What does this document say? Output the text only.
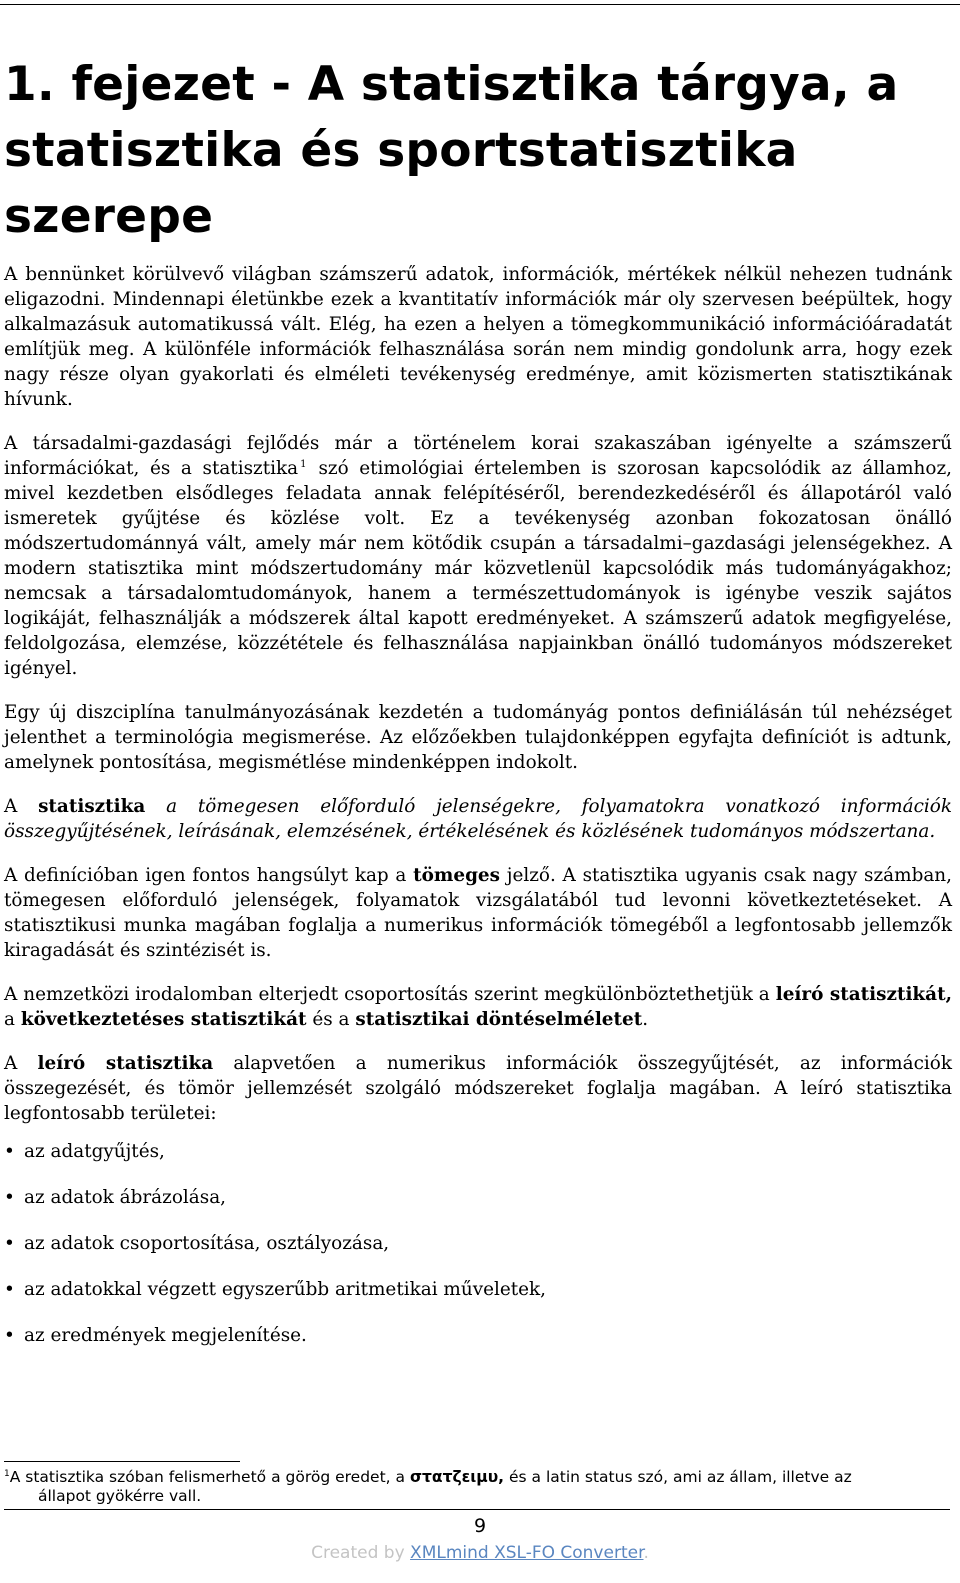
1. fejezet - A statisztika tárgya, a statisztika és sportstatisztika szerepe

A bennünket körülvevő világban számszerű adatok, információk, mértékek nélkül nehezen tudnánk eligazodni. Mindennapi életünkbe ezek a kvantitatív információk már oly szervesen beépültek, hogy alkalmazásuk automatikussá vált. Elég, ha ezen a helyen a tömegkommunikáció információáradatát említjük meg. A különféle információk felhasználása során nem mindig gondolunk arra, hogy ezek nagy része olyan gyakorlati és elméleti tevékenység eredménye, amit közismerten statisztikának hívunk.

A társadalmi-gazdasági fejlődés már a történelem korai szakaszában igényelte a számszerű információkat, és a statisztika $^1$ szó etimológiai értelemben is szorosan kapcsolódik az államhoz, mivel kezdetben elsődleges feladata annak felépítéséről, berendezkedéséről és állapotáról való ismeretek gyűjtése és közlése volt. Ez a tevékenység azonban fokozatosan önálló módszertudománnyá vált, amely már nem kötődik csupán a társadalmi–gazdasági jelenségekhez. A modern statisztika mint módszertudomány már közvetlenül kapcsolódik más tudományágakhoz; nemcsak a társadalomtudományok, hanem a természettudományok is igénybe veszik sajátos logikáját, felhasználják a módszerek által kapott eredményeket. A számszerű adatok megfigyelése, feldolgozása, elemzése, közzététele és felhasználása napjainkban önálló tudományos módszereket igényel.

Egy új diszciplína tanulmányozásának kezdetén a tudományág pontos definiálásán túl nehézséget jelenthet a terminológia megismerése. Az előzőekben tulajdonképpen egyfajta definíciót is adtunk, amelynek pontosítása, megismétlése mindenképpen indokolt.

A statisztika a tömegesen előforduló jelenségekre, folyamatokra vonatkozó információk összegyűjtésének, leírásának, elemzésének, értékelésének és közlésének tudományos módszertana.

A definícióban igen fontos hangsúlyt kap a tömeges jelző. A statisztika ugyanis csak nagy számban, tömegesen előforduló jelenségek, folyamatok vizsgálatából tud levonni következtetéseket. A statisztikusi munka magában foglalja a numerikus információk tömegéből a legfontosabb jellemzők kiragadását és szintézisét is.

A nemzetközi irodalomban elterjedt csoportosítás szerint megkülönböztethetjük a leíró statisztikát, a következtetéses statisztikát és a statisztikai döntéselméletet.

A leíró statisztika alapvetően a numerikus információk összegyűjtését, az információk összegezését, és tömör jellemzését szolgáló módszereket foglalja magában. A leíró statisztika legfontosabb területei:

• az adatgyűjtés,
• az adatok ábrázolása,
• az adatok csoportosítása, osztályozása,
• az adatokkal végzett egyszerűbb aritmetikai műveletek,
• az eredmények megjelenítése.
$^1$A statisztika szóban felismerhető a görög eredet, a στατζειμυ, és a latin status szó, ami az állam, illetve az
állapot gyökérre vall.
9
Created by XMLmind XSL-FO Converter.
